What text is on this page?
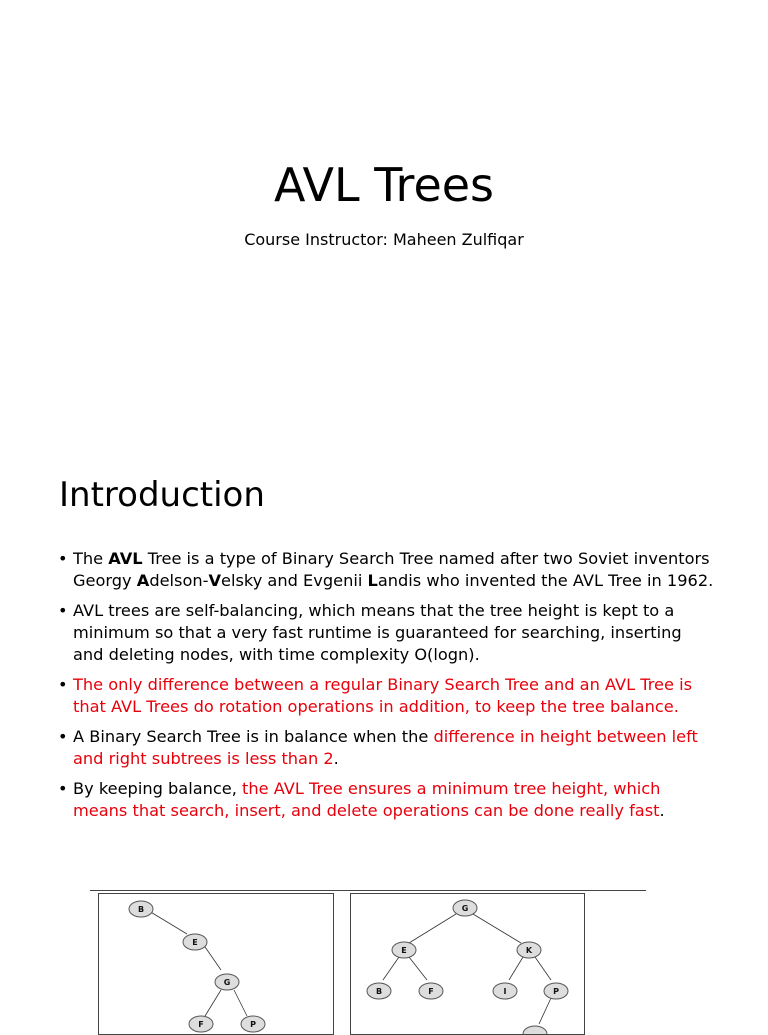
AVL Trees
Course Instructor: Maheen Zulfiqar
Introduction
• The AVL Tree is a type of Binary Search Tree named after two Soviet inventors Georgy Adelson-Velsky and Evgenii Landis who invented the AVL Tree in 1962.
• AVL trees are self-balancing, which means that the tree height is kept to a minimum so that a very fast runtime is guaranteed for searching, inserting and deleting nodes, with time complexity O(logn).
• The only difference between a regular Binary Search Tree and an AVL Tree is that AVL Trees do rotation operations in addition, to keep the tree balance.
• A Binary Search Tree is in balance when the difference in height between left and right subtrees is less than 2.
• By keeping balance, the AVL Tree ensures a minimum tree height, which means that search, insert, and delete operations can be done really fast.
B
E
G
F	P
G
E	K
B	F	I	P
